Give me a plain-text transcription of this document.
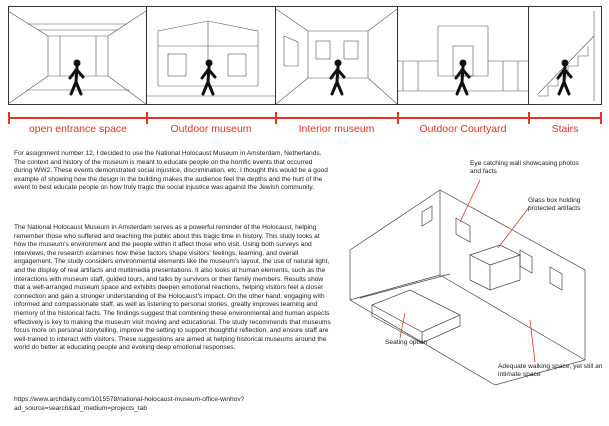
open entrance space	Outdoor museum	Interior museum	Outdoor Courtyard	Stairs
For assignment number 12, I decided to use the National Holocaust Museum in Amsterdam, Netherlands. The context and history of the museum is meant to educate people on the horrific events that occurred during WW2. These events demonstrated social injustice, discrimination, etc. I thought this would be a good example of showing how the design in the building makes the audience feel the depths and the hurt of the event to best educate people on how truly tragic the social injustice was against the Jewish community.
The National Holocaust Museum in Amsterdam serves as a powerful reminder of the Holocaust, helping remember those who suffered and teaching the public about this tragic time in history. This study looks at how the museum's environment and the people within it affect those who visit. Using both surveys and interviews, the research examines how these factors shape visitors' feelings, learning, and overall engagement. The study considers environmental elements like the museum's layout, the use of natural light, and the display of real artifacts and multimedia presentations. It also looks at human elements, such as the interactions with museum staff, guided tours, and talks by survivors or their family members. Results show that a well-arranged museum space and exhibits deepen emotional reactions, helping visitors feel a closer connection and gain a stronger understanding of the Holocaust's impact. On the other hand, engaging with informed and compassionate staff, as well as listening to personal stories, greatly improves learning and memory of the historical facts. The findings suggest that combining these environmental and human aspects effectively is key to making the museum visit moving and educational. The study recommends that museums focus more on personal storytelling, improve the setting to support thoughtful reflection, and ensure staff are well-trained to interact with visitors. These suggestions are aimed at helping historical museums around the world do better at educating people and evoking deep emotional responses.
https://www.archdaily.com/1015578/national-holocaust-museum-office-winhov?ad_source=search&ad_medium=projects_tab
Eye catching wall showcasing photos and facts
Glass box holding protected artifacts
Seating option
Adequate walking space, yet still an intimate space
